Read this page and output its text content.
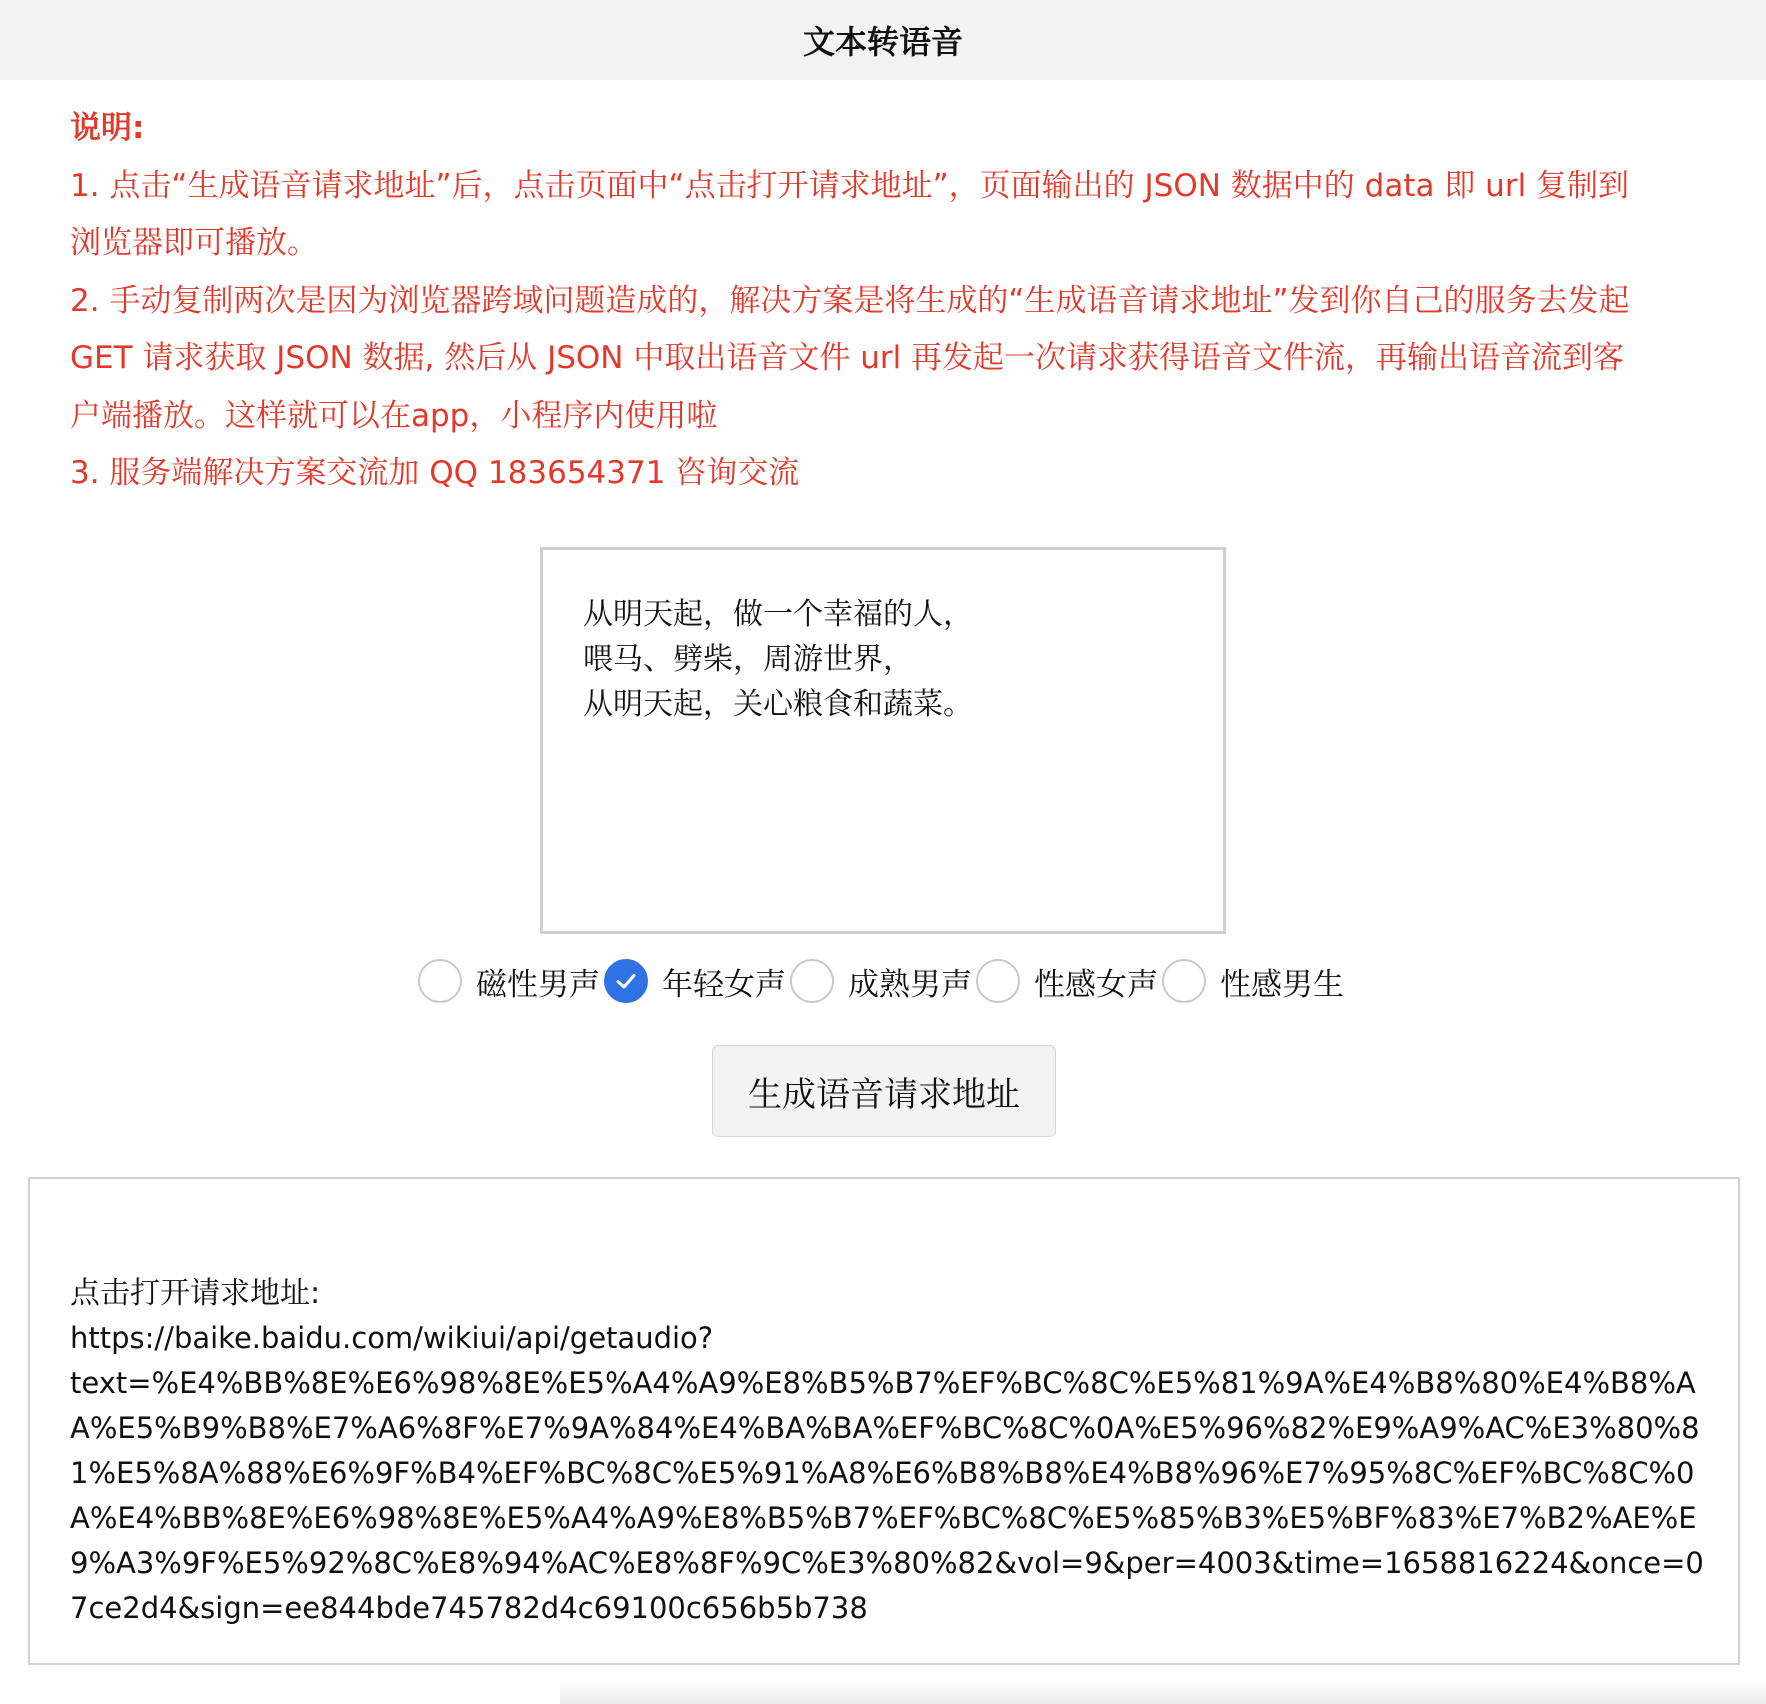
文本转语音
说明:
1. 点击“生成语音请求地址”后，点击页面中“点击打开请求地址”，页面输出的 JSON 数据中的 data 即 url 复制到
浏览器即可播放。
2. 手动复制两次是因为浏览器跨域问题造成的，解决方案是将生成的“生成语音请求地址”发到你自己的服务去发起
GET 请求获取 JSON 数据, 然后从 JSON 中取出语音文件 url 再发起一次请求获得语音文件流，再输出语音流到客
户端播放。这样就可以在app，小程序内使用啦
3. 服务端解决方案交流加 QQ 183654371 咨询交流
从明天起，做一个幸福的人，
喂马、劈柴，周游世界，
从明天起，关心粮食和蔬菜。
磁性男声 年轻女声 成熟男声 性感女声 性感男生
生成语音请求地址
点击打开请求地址:
https://baike.baidu.com/wikiui/api/getaudio?
text=%E4%BB%8E%E6%98%8E%E5%A4%A9%E8%B5%B7%EF%BC%8C%E5%81%9A%E4%B8%80%E4%B8%AA%E5%B9%B8%E7%A6%8F%E7%9A%84%E4%BA%BA%EF%BC%8C%0A%E5%96%82%E9%A9%AC%E3%80%81%E5%8A%88%E6%9F%B4%EF%BC%8C%E5%91%A8%E6%B8%B8%E4%B8%96%E7%95%8C%EF%BC%8C%0A%E4%BB%8E%E6%98%8E%E5%A4%A9%E8%B5%B7%EF%BC%8C%E5%85%B3%E5%BF%83%E7%B2%AE%E9%A3%9F%E5%92%8C%E8%94%AC%E8%8F%9C%E3%80%82&vol=9&per=4003&time=1658816224&once=07ce2d4&sign=ee844bde745782d4c69100c656b5b738
